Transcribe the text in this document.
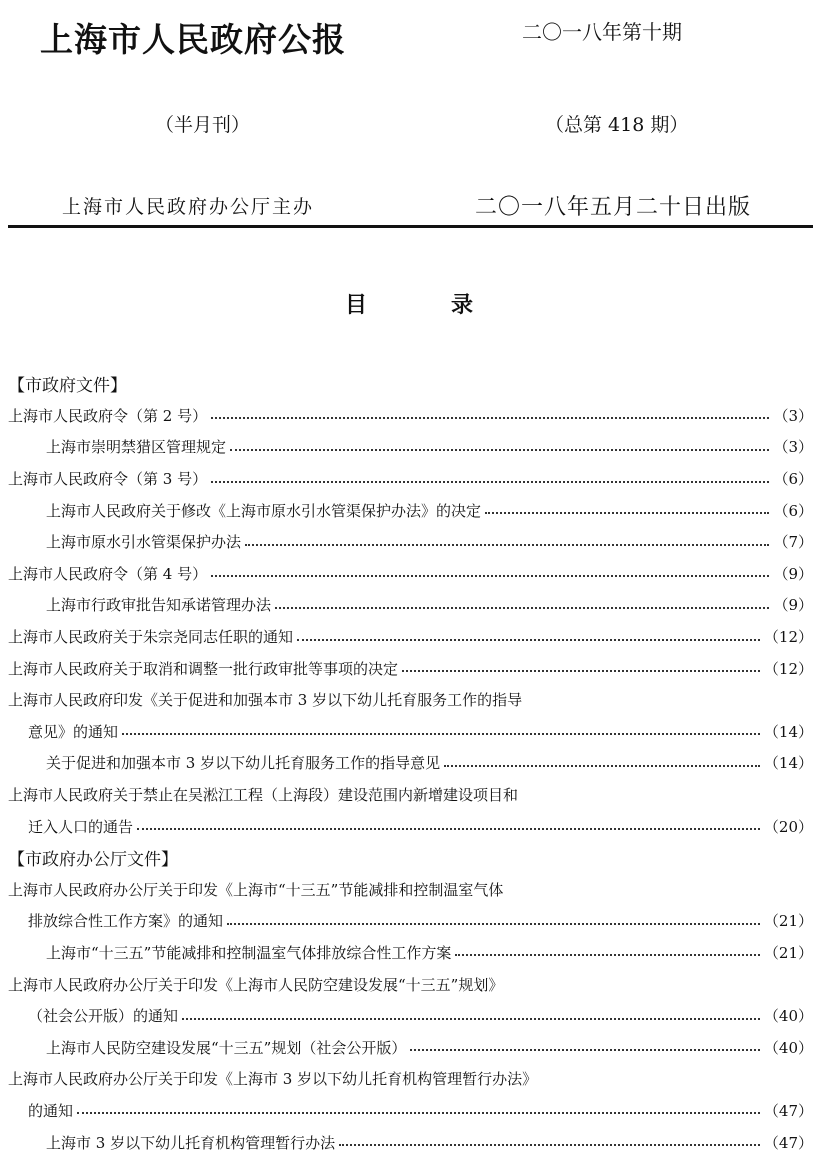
上海市人民政府公报	二〇一八年第十期
（半月刊）	（总第 418 期）
上海市人民政府办公厅主办	二〇一八年五月二十日出版
目录
【市政府文件】
上海市人民政府令（第 2 号）	（3）
上海市崇明禁猎区管理规定	（3）
上海市人民政府令（第 3 号）	（6）
上海市人民政府关于修改《上海市原水引水管渠保护办法》的决定	（6）
上海市原水引水管渠保护办法	（7）
上海市人民政府令（第 4 号）	（9）
上海市行政审批告知承诺管理办法	（9）
上海市人民政府关于朱宗尧同志任职的通知	（12）
上海市人民政府关于取消和调整一批行政审批等事项的决定	（12）
上海市人民政府印发《关于促进和加强本市 3 岁以下幼儿托育服务工作的指导
意见》的通知	（14）
关于促进和加强本市 3 岁以下幼儿托育服务工作的指导意见	（14）
上海市人民政府关于禁止在吴淞江工程（上海段）建设范围内新增建设项目和
迁入人口的通告	（20）
【市政府办公厅文件】
上海市人民政府办公厅关于印发《上海市“十三五”节能减排和控制温室气体
排放综合性工作方案》的通知	（21）
上海市“十三五”节能减排和控制温室气体排放综合性工作方案	（21）
上海市人民政府办公厅关于印发《上海市人民防空建设发展“十三五”规划》
（社会公开版）的通知	（40）
上海市人民防空建设发展“十三五”规划（社会公开版）	（40）
上海市人民政府办公厅关于印发《上海市 3 岁以下幼儿托育机构管理暂行办法》
的通知	（47）
上海市 3 岁以下幼儿托育机构管理暂行办法	（47）
